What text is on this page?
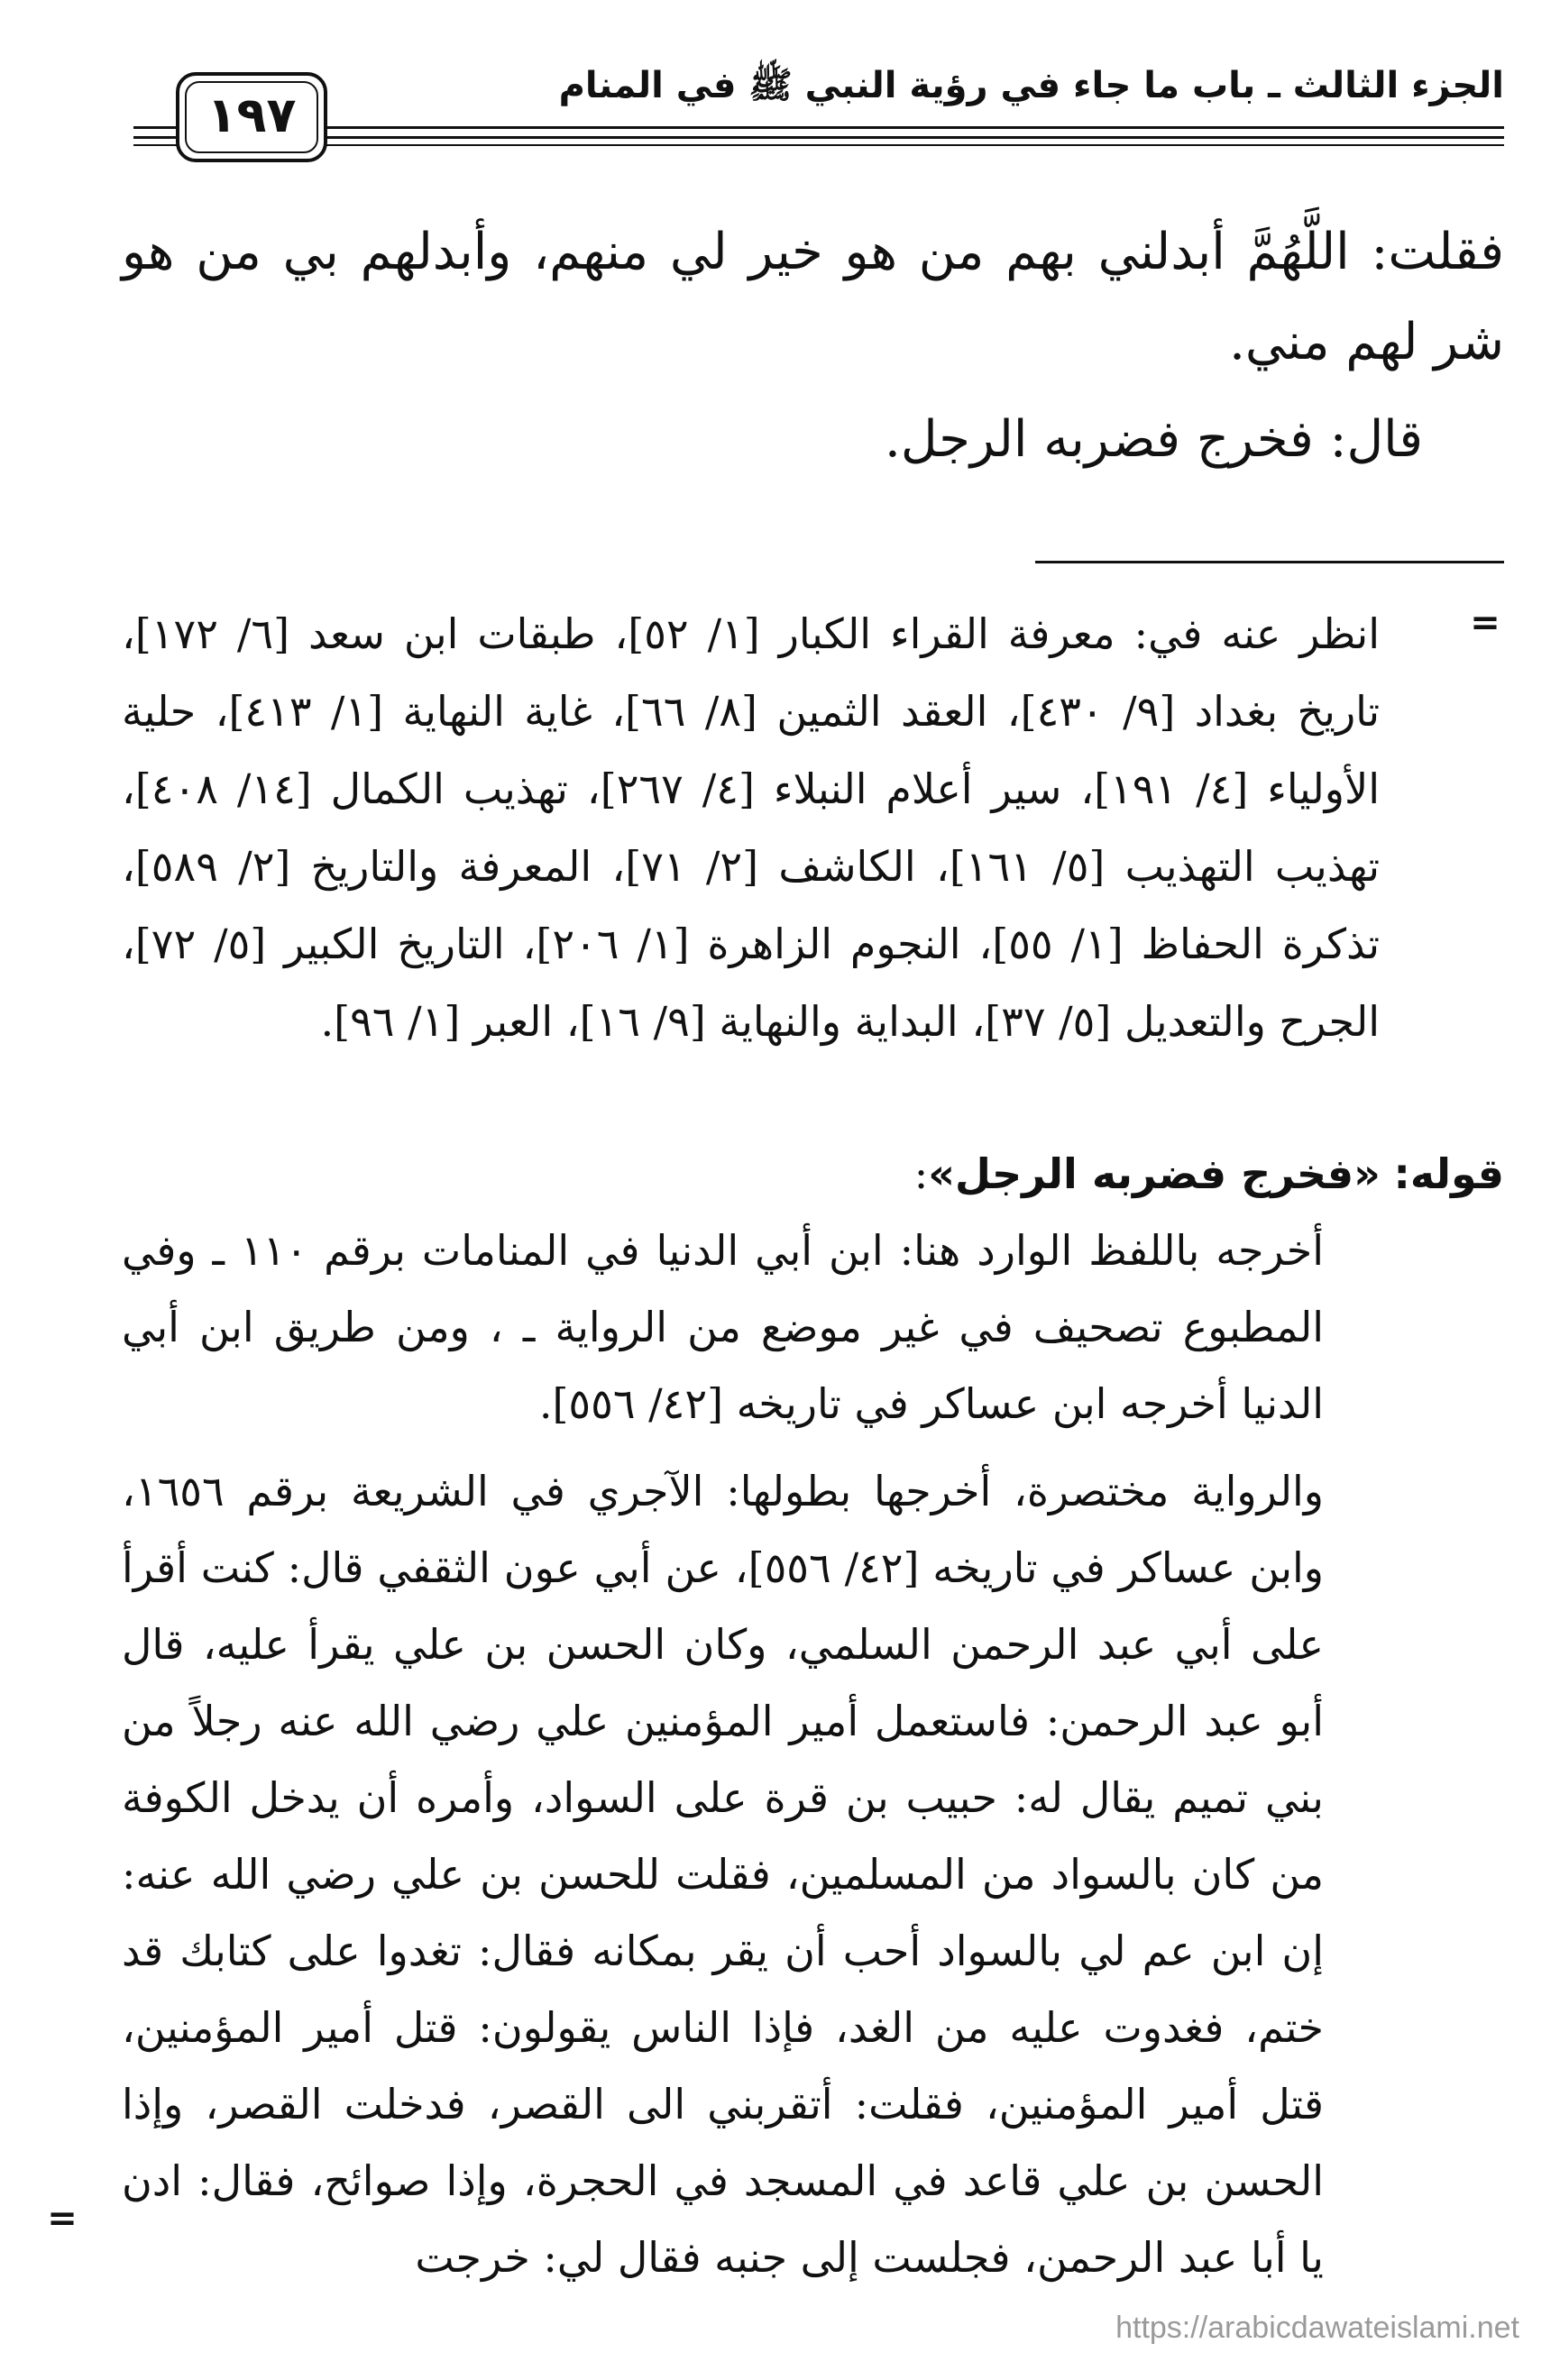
الجزء الثالث ـ باب ما جاء في رؤية النبي ﷺ في المنام
١٩٧

فقلت: اللَّهُمَّ أبدلني بهم من هو خير لي منهم، وأبدلهم بي من هو شر لهم مني.

قال: فخرج فضربه الرجل.

=
انظر عنه في: معرفة القراء الكبار [١/ ٥٢]، طبقات ابن سعد [٦/ ١٧٢]، تاريخ بغداد [٩/ ٤٣٠]، العقد الثمين [٨/ ٦٦]، غاية النهاية [١/ ٤١٣]، حلية الأولياء [٤/ ١٩١]، سير أعلام النبلاء [٤/ ٢٦٧]، تهذيب الكمال [١٤/ ٤٠٨]، تهذيب التهذيب [٥/ ١٦١]، الكاشف [٢/ ٧١]، المعرفة والتاريخ [٢/ ٥٨٩]، تذكرة الحفاظ [١/ ٥٥]، النجوم الزاهرة [١/ ٢٠٦]، التاريخ الكبير [٥/ ٧٢]، الجرح والتعديل [٥/ ٣٧]، البداية والنهاية [٩/ ١٦]، العبر [١/ ٩٦].

قوله: «فخرج فضربه الرجل»:

أخرجه باللفظ الوارد هنا: ابن أبي الدنيا في المنامات برقم ١١٠ ـ وفي المطبوع تصحيف في غير موضع من الرواية ـ ، ومن طريق ابن أبي الدنيا أخرجه ابن عساكر في تاريخه [٤٢/ ٥٥٦].

والرواية مختصرة، أخرجها بطولها: الآجري في الشريعة برقم ١٦٥٦، وابن عساكر في تاريخه [٤٢/ ٥٥٦]، عن أبي عون الثقفي قال: كنت أقرأ على أبي عبد الرحمن السلمي، وكان الحسن بن علي يقرأ عليه، قال أبو عبد الرحمن: فاستعمل أمير المؤمنين علي رضي الله عنه رجلاً من بني تميم يقال له: حبيب بن قرة على السواد، وأمره أن يدخل الكوفة من كان بالسواد من المسلمين، فقلت للحسن بن علي رضي الله عنه: إن ابن عم لي بالسواد أحب أن يقر بمكانه فقال: تغدوا على كتابك قد ختم، فغدوت عليه من الغد، فإذا الناس يقولون: قتل أمير المؤمنين، قتل أمير المؤمنين، فقلت: أتقربني الى القصر، فدخلت القصر، وإذا الحسن بن علي قاعد في المسجد في الحجرة، وإذا صوائح، فقال: ادن يا أبا عبد الرحمن، فجلست إلى جنبه فقال لي: خرجت

=
https://arabicdawateislami.net
